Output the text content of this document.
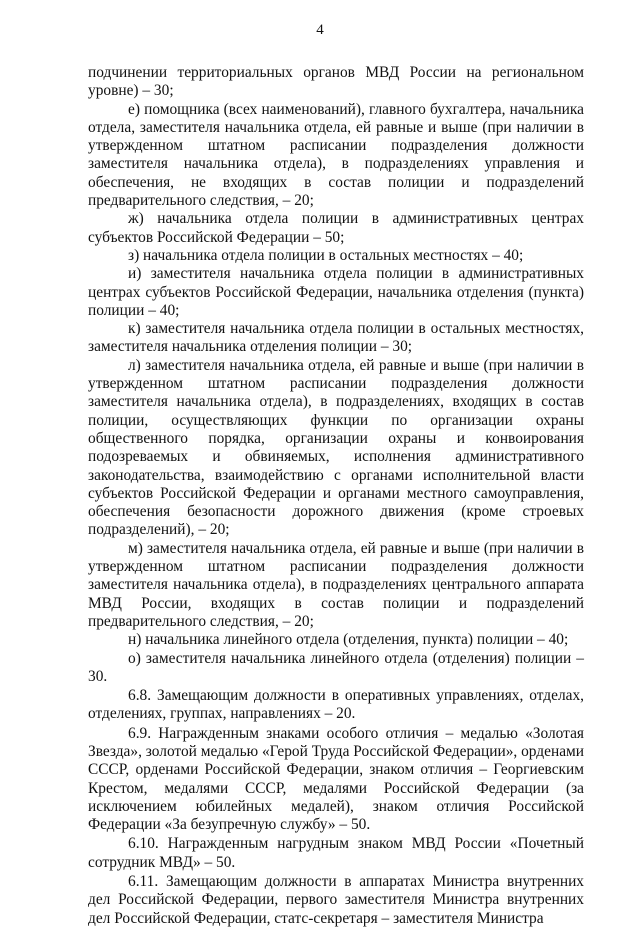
4

подчинении территориальных органов МВД России на региональном уровне) – 30;

е) помощника (всех наименований), главного бухгалтера, начальника отдела, заместителя начальника отдела, ей равные и выше (при наличии в утвержденном штатном расписании подразделения должности заместителя начальника отдела), в подразделениях управления и обеспечения, не входящих в состав полиции и подразделений предварительного следствия, – 20;

ж) начальника отдела полиции в административных центрах субъектов Российской Федерации – 50;

з) начальника отдела полиции в остальных местностях – 40;

и) заместителя начальника отдела полиции в административных центрах субъектов Российской Федерации, начальника отделения (пункта) полиции – 40;

к) заместителя начальника отдела полиции в остальных местностях, заместителя начальника отделения полиции – 30;

л) заместителя начальника отдела, ей равные и выше (при наличии в утвержденном штатном расписании подразделения должности заместителя начальника отдела), в подразделениях, входящих в состав полиции, осуществляющих функции по организации охраны общественного порядка, организации охраны и конвоирования подозреваемых и обвиняемых, исполнения административного законодательства, взаимодействию с органами исполнительной власти субъектов Российской Федерации и органами местного самоуправления, обеспечения безопасности дорожного движения (кроме строевых подразделений), – 20;

м) заместителя начальника отдела, ей равные и выше (при наличии в утвержденном штатном расписании подразделения должности заместителя начальника отдела), в подразделениях центрального аппарата МВД России, входящих в состав полиции и подразделений предварительного следствия, – 20;

н) начальника линейного отдела (отделения, пункта) полиции – 40;

о) заместителя начальника линейного отдела (отделения) полиции – 30.

6.8. Замещающим должности в оперативных управлениях, отделах, отделениях, группах, направлениях – 20.

6.9. Награжденным знаками особого отличия – медалью «Золотая Звезда», золотой медалью «Герой Труда Российской Федерации», орденами СССР, орденами Российской Федерации, знаком отличия – Георгиевским Крестом, медалями СССР, медалями Российской Федерации (за исключением юбилейных медалей), знаком отличия Российской Федерации «За безупречную службу» – 50.

6.10. Награжденным нагрудным знаком МВД России «Почетный сотрудник МВД» – 50.

6.11. Замещающим должности в аппаратах Министра внутренних дел Российской Федерации, первого заместителя Министра внутренних дел Российской Федерации, статс-секретаря – заместителя Министра
